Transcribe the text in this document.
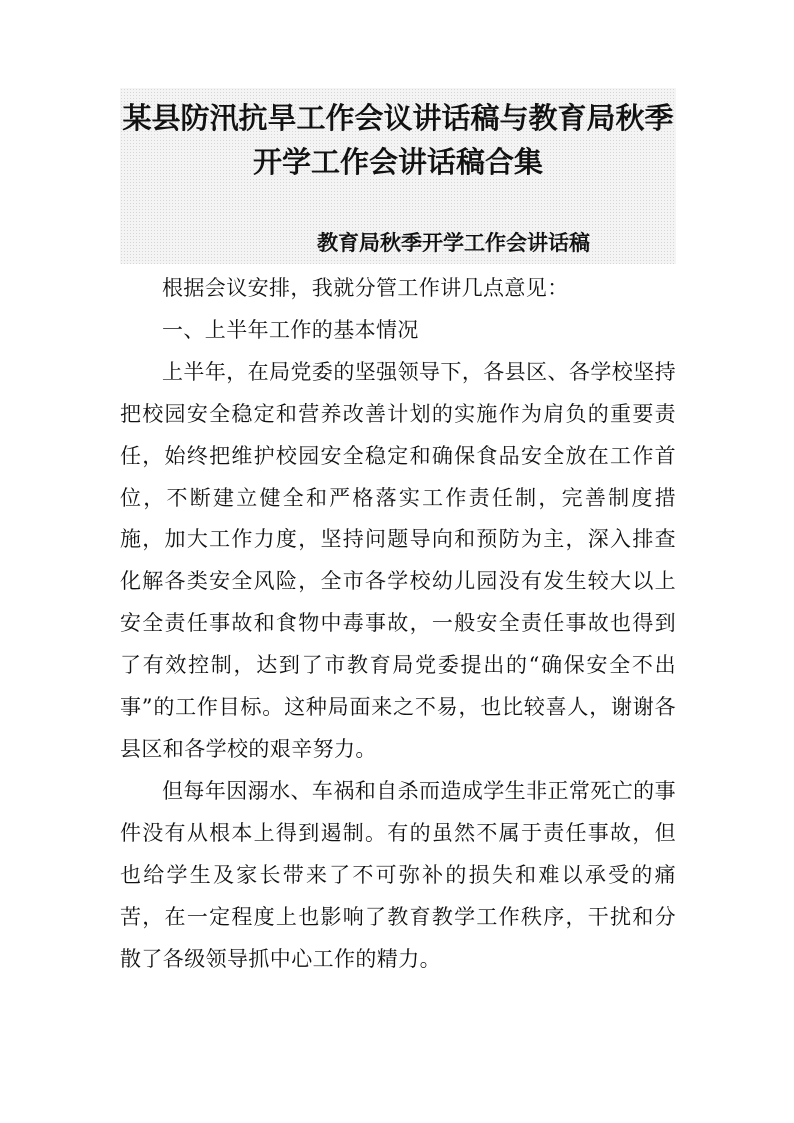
某县防汛抗旱工作会议讲话稿与教育局秋季开学工作会讲话稿合集
教育局秋季开学工作会讲话稿

根据会议安排，我就分管工作讲几点意见：

一、上半年工作的基本情况

上半年，在局党委的坚强领导下，各县区、各学校坚持把校园安全稳定和营养改善计划的实施作为肩负的重要责任，始终把维护校园安全稳定和确保食品安全放在工作首位，不断建立健全和严格落实工作责任制，完善制度措施，加大工作力度，坚持问题导向和预防为主，深入排查化解各类安全风险，全市各学校幼儿园没有发生较大以上安全责任事故和食物中毒事故，一般安全责任事故也得到了有效控制，达到了市教育局党委提出的“确保安全不出事”的工作目标。这种局面来之不易，也比较喜人，谢谢各县区和各学校的艰辛努力。

但每年因溺水、车祸和自杀而造成学生非正常死亡的事件没有从根本上得到遏制。有的虽然不属于责任事故，但也给学生及家长带来了不可弥补的损失和难以承受的痛苦，在一定程度上也影响了教育教学工作秩序，干扰和分散了各级领导抓中心工作的精力。
